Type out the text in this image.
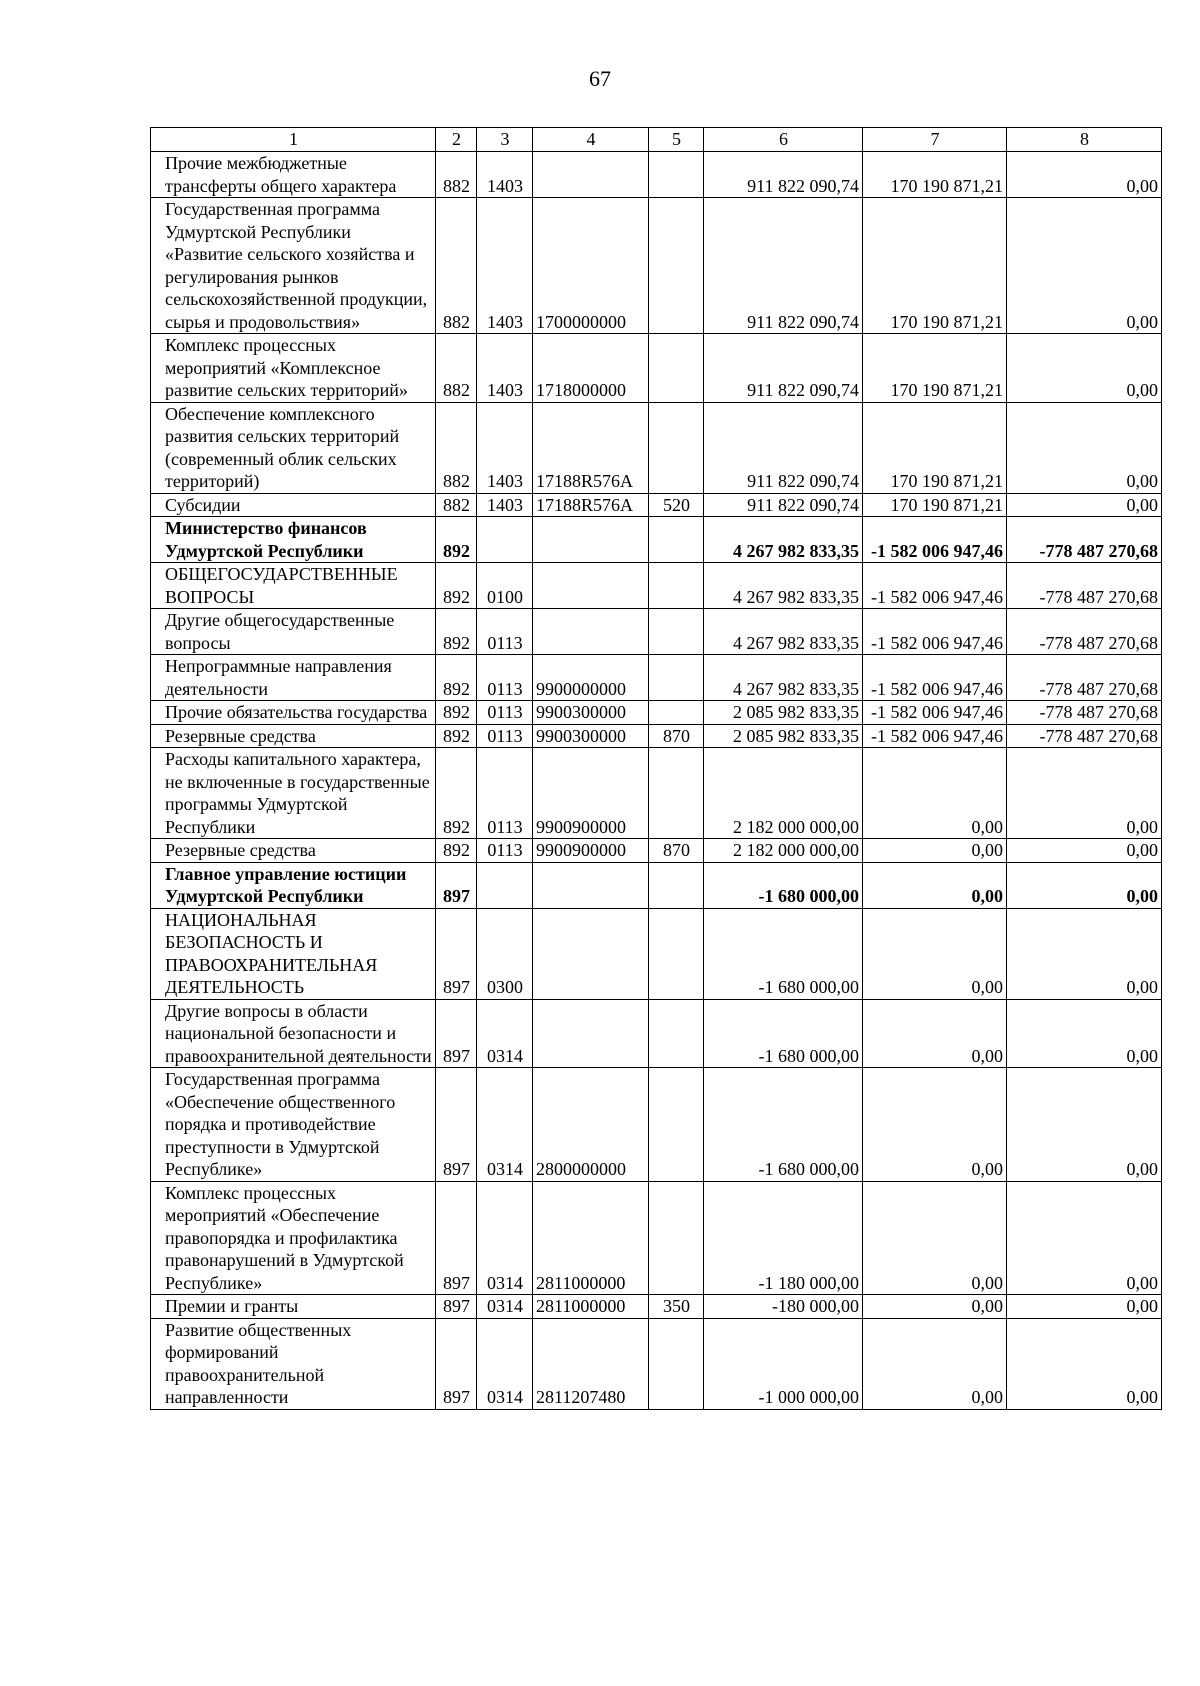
67
1	2	3	4	5	6	7	8
Прочие межбюджетные трансферты общего характера	882	1403			911 822 090,74	170 190 871,21	0,00
Государственная программа Удмуртской Республики «Развитие сельского хозяйства и регулирования рынков сельскохозяйственной продукции, сырья и продовольствия»	882	1403	1700000000		911 822 090,74	170 190 871,21	0,00
Комплекс процессных мероприятий «Комплексное развитие сельских территорий»	882	1403	1718000000		911 822 090,74	170 190 871,21	0,00
Обеспечение комплексного развития сельских территорий (современный облик сельских территорий)	882	1403	17188R576A		911 822 090,74	170 190 871,21	0,00
Субсидии	882	1403	17188R576A	520	911 822 090,74	170 190 871,21	0,00
Министерство финансов Удмуртской Республики	892				4 267 982 833,35	-1 582 006 947,46	-778 487 270,68
ОБЩЕГОСУДАРСТВЕННЫЕ ВОПРОСЫ	892	0100			4 267 982 833,35	-1 582 006 947,46	-778 487 270,68
Другие общегосударственные вопросы	892	0113			4 267 982 833,35	-1 582 006 947,46	-778 487 270,68
Непрограммные направления деятельности	892	0113	9900000000		4 267 982 833,35	-1 582 006 947,46	-778 487 270,68
Прочие обязательства государства	892	0113	9900300000		2 085 982 833,35	-1 582 006 947,46	-778 487 270,68
Резервные средства	892	0113	9900300000	870	2 085 982 833,35	-1 582 006 947,46	-778 487 270,68
Расходы капитального характера, не включенные в государственные программы Удмуртской Республики	892	0113	9900900000		2 182 000 000,00	0,00	0,00
Резервные средства	892	0113	9900900000	870	2 182 000 000,00	0,00	0,00
Главное управление юстиции Удмуртской Республики	897				-1 680 000,00	0,00	0,00
НАЦИОНАЛЬНАЯ БЕЗОПАСНОСТЬ И ПРАВООХРАНИТЕЛЬНАЯ ДЕЯТЕЛЬНОСТЬ	897	0300			-1 680 000,00	0,00	0,00
Другие вопросы в области национальной безопасности и правоохранительной деятельности	897	0314			-1 680 000,00	0,00	0,00
Государственная программа «Обеспечение общественного порядка и противодействие преступности в Удмуртской Республике»	897	0314	2800000000		-1 680 000,00	0,00	0,00
Комплекс процессных мероприятий «Обеспечение правопорядка и профилактика правонарушений в Удмуртской Республике»	897	0314	2811000000		-1 180 000,00	0,00	0,00
Премии и гранты	897	0314	2811000000	350	-180 000,00	0,00	0,00
Развитие общественных формирований правоохранительной направленности	897	0314	2811207480		-1 000 000,00	0,00	0,00
